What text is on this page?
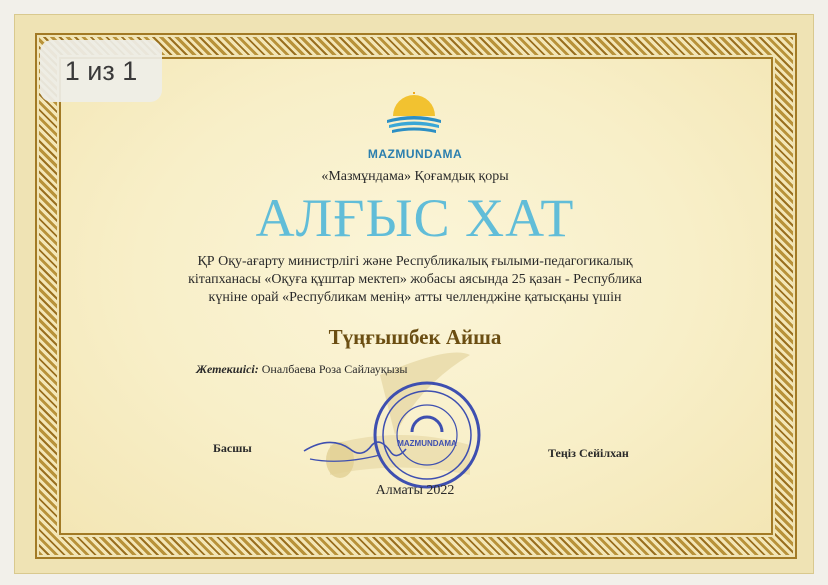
1 из 1
MAZMUNDAMA
«Мазмұндама» Қоғамдық қоры
АЛҒЫС ХАТ
ҚР Оқу-ағарту министрлігі және Республикалық ғылыми-педагогикалық
кітапханасы «Оқуға құштар мектеп» жобасы аясында 25 қазан - Республика
күніне орай «Республикам менің» атты челленджіне қатысқаны үшін
MAZMUNDAMA
Түңғышбек Айша
Жетекшісі: Оналбаева Роза Сайлауқызы
Басшы	Теңіз Сейілхан
Алматы 2022
